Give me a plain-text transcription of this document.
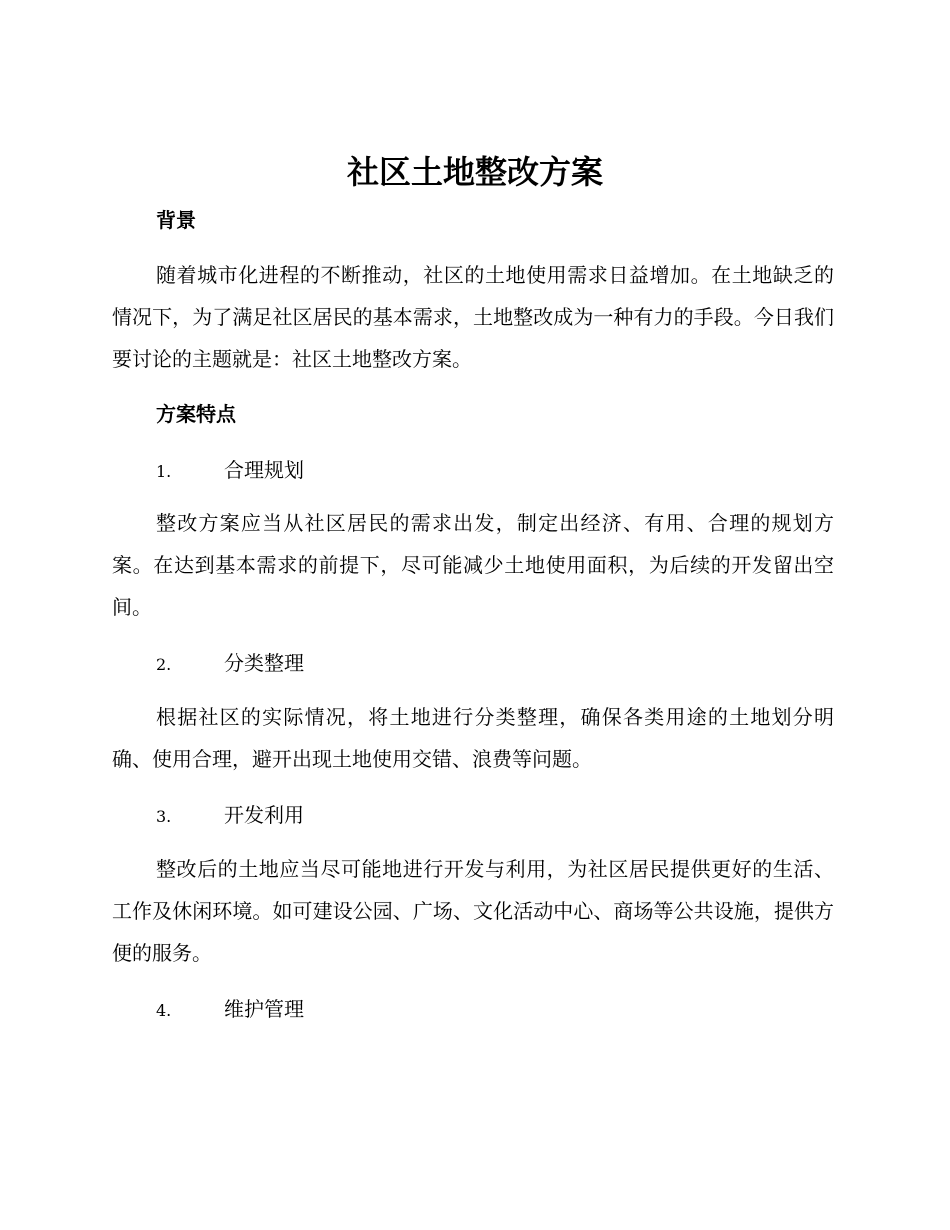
社区土地整改方案
背景
随着城市化进程的不断推动，社区的土地使用需求日益增加。在土地缺乏的情况下，为了满足社区居民的基本需求，土地整改成为一种有力的手段。今日我们要讨论的主题就是：社区土地整改方案。
方案特点
1.	合理规划
整改方案应当从社区居民的需求出发，制定出经济、有用、合理的规划方案。在达到基本需求的前提下，尽可能减少土地使用面积，为后续的开发留出空间。
2.	分类整理
根据社区的实际情况，将土地进行分类整理，确保各类用途的土地划分明确、使用合理，避开出现土地使用交错、浪费等问题。
3.	开发利用
整改后的土地应当尽可能地进行开发与利用，为社区居民提供更好的生活、工作及休闲环境。如可建设公园、广场、文化活动中心、商场等公共设施，提供方便的服务。
4.	维护管理
